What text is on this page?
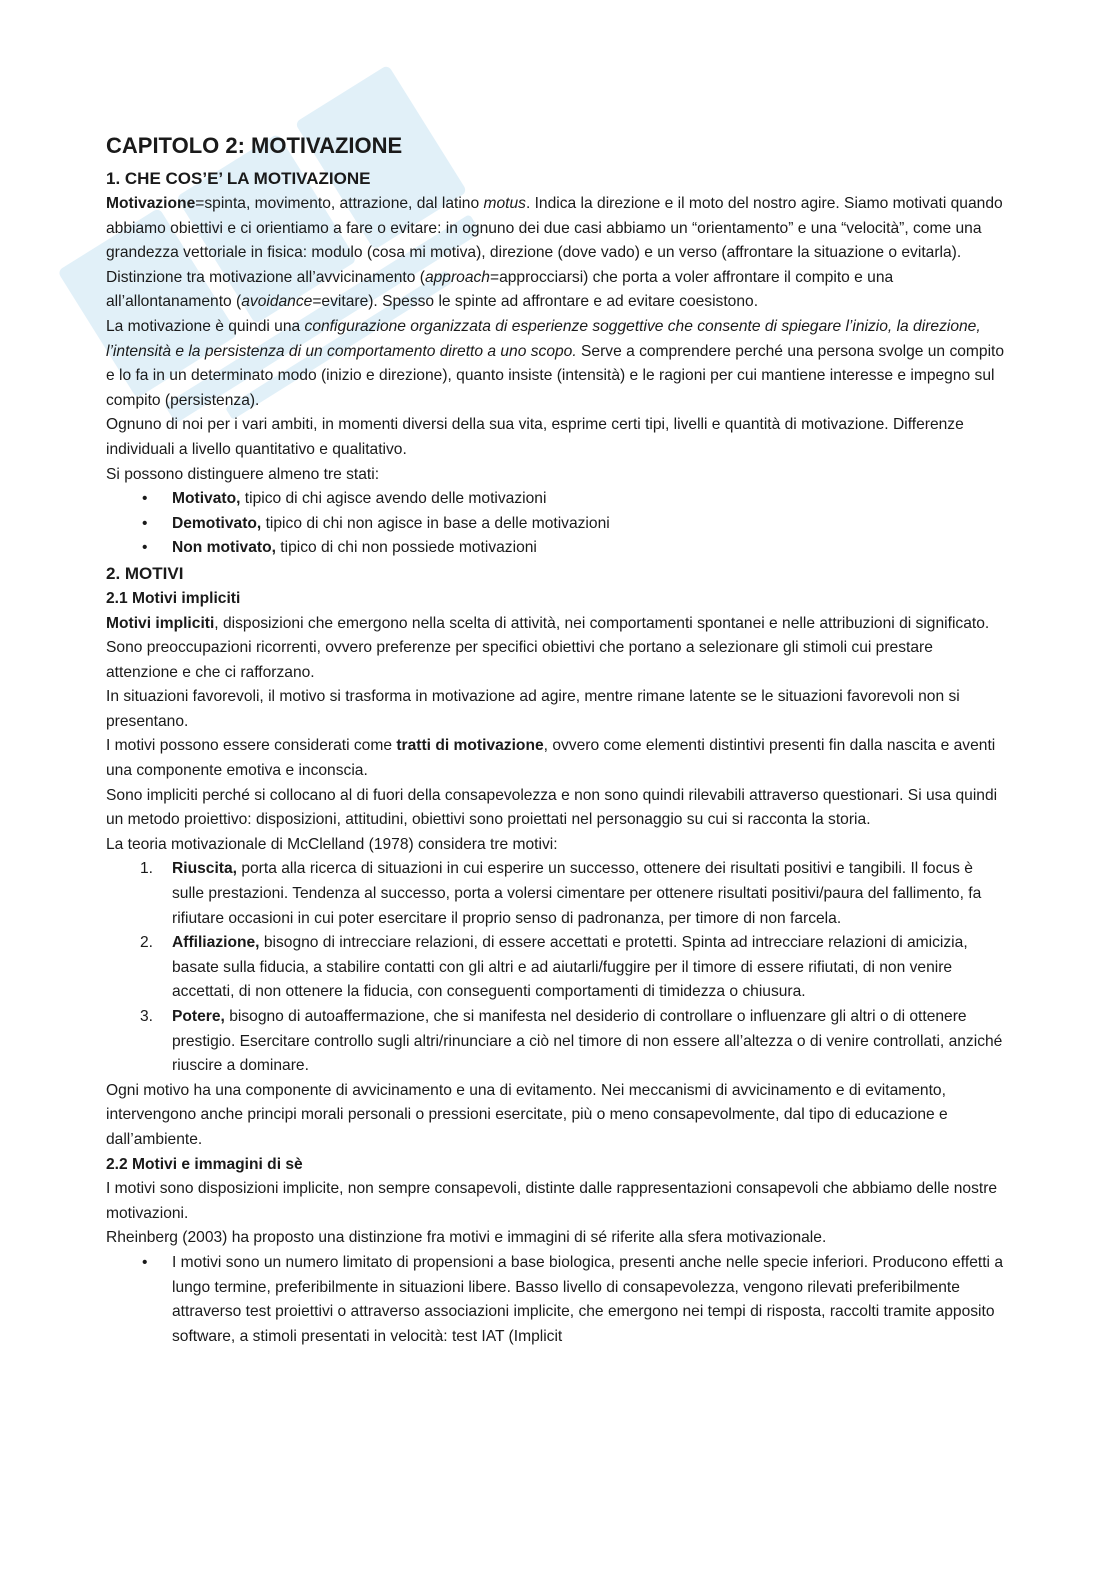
CAPITOLO 2: MOTIVAZIONE
1. CHE COS’E’ LA MOTIVAZIONE

Motivazione=spinta, movimento, attrazione, dal latino motus. Indica la direzione e il moto del nostro agire. Siamo motivati quando abbiamo obiettivi e ci orientiamo a fare o evitare: in ognuno dei due casi abbiamo un “orientamento” e una “velocità”, come una grandezza vettoriale in fisica: modulo (cosa mi motiva), direzione (dove vado) e un verso (affrontare la situazione o evitarla).

Distinzione tra motivazione all’avvicinamento (approach=approcciarsi) che porta a voler affrontare il compito e una all’allontanamento (avoidance=evitare). Spesso le spinte ad affrontare e ad evitare coesistono.

La motivazione è quindi una configurazione organizzata di esperienze soggettive che consente di spiegare l’inizio, la direzione, l’intensità e la persistenza di un comportamento diretto a uno scopo. Serve a comprendere perché una persona svolge un compito e lo fa in un determinato modo (inizio e direzione), quanto insiste (intensità) e le ragioni per cui mantiene interesse e impegno sul compito (persistenza).

Ognuno di noi per i vari ambiti, in momenti diversi della sua vita, esprime certi tipi, livelli e quantità di motivazione. Differenze individuali a livello quantitativo e qualitativo.

Si possono distinguere almeno tre stati:

• Motivato, tipico di chi agisce avendo delle motivazioni
• Demotivato, tipico di chi non agisce in base a delle motivazioni
• Non motivato, tipico di chi non possiede motivazioni
2. MOTIVI
2.1 Motivi impliciti

Motivi impliciti, disposizioni che emergono nella scelta di attività, nei comportamenti spontanei e nelle attribuzioni di significato. Sono preoccupazioni ricorrenti, ovvero preferenze per specifici obiettivi che portano a selezionare gli stimoli cui prestare attenzione e che ci rafforzano.

In situazioni favorevoli, il motivo si trasforma in motivazione ad agire, mentre rimane latente se le situazioni favorevoli non si presentano.

I motivi possono essere considerati come tratti di motivazione, ovvero come elementi distintivi presenti fin dalla nascita e aventi una componente emotiva e inconscia.

Sono impliciti perché si collocano al di fuori della consapevolezza e non sono quindi rilevabili attraverso questionari. Si usa quindi un metodo proiettivo: disposizioni, attitudini, obiettivi sono proiettati nel personaggio su cui si racconta la storia.

La teoria motivazionale di McClelland (1978) considera tre motivi:

1. Riuscita, porta alla ricerca di situazioni in cui esperire un successo, ottenere dei risultati positivi e tangibili. Il focus è sulle prestazioni. Tendenza al successo, porta a volersi cimentare per ottenere risultati positivi/paura del fallimento, fa rifiutare occasioni in cui poter esercitare il proprio senso di padronanza, per timore di non farcela.
2. Affiliazione, bisogno di intrecciare relazioni, di essere accettati e protetti. Spinta ad intrecciare relazioni di amicizia, basate sulla fiducia, a stabilire contatti con gli altri e ad aiutarli/fuggire per il timore di essere rifiutati, di non venire accettati, di non ottenere la fiducia, con conseguenti comportamenti di timidezza o chiusura.
3. Potere, bisogno di autoaffermazione, che si manifesta nel desiderio di controllare o influenzare gli altri o di ottenere prestigio. Esercitare controllo sugli altri/rinunciare a ciò nel timore di non essere all’altezza o di venire controllati, anziché riuscire a dominare.

Ogni motivo ha una componente di avvicinamento e una di evitamento. Nei meccanismi di avvicinamento e di evitamento, intervengono anche principi morali personali o pressioni esercitate, più o meno consapevolmente, dal tipo di educazione e dall’ambiente.

2.2 Motivi e immagini di sè

I motivi sono disposizioni implicite, non sempre consapevoli, distinte dalle rappresentazioni consapevoli che abbiamo delle nostre motivazioni.

Rheinberg (2003) ha proposto una distinzione fra motivi e immagini di sé riferite alla sfera motivazionale.

• I motivi sono un numero limitato di propensioni a base biologica, presenti anche nelle specie inferiori. Producono effetti a lungo termine, preferibilmente in situazioni libere. Basso livello di consapevolezza, vengono rilevati preferibilmente attraverso test proiettivi o attraverso associazioni implicite, che emergono nei tempi di risposta, raccolti tramite apposito software, a stimoli presentati in velocità: test IAT (Implicit
